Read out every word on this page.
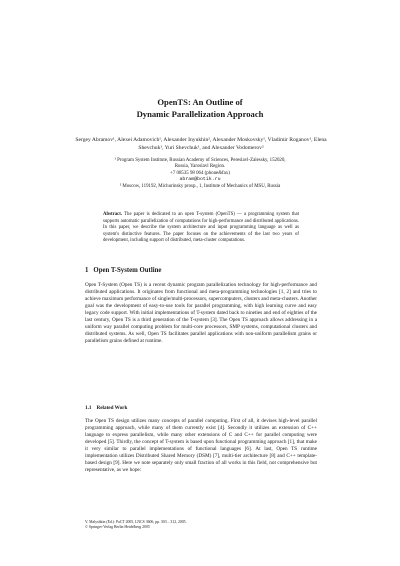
OpenTS: An Outline of
Dynamic Parallelization Approach
Sergey Abramov¹, Alexei Adamovich¹, Alexander Inyukhin², Alexander Moskovsky¹, Vladimir Roganov¹, Elena Shevchuk¹, Yuri Shevchuk¹, and Alexander Vodomerov²
¹ Program System Institute, Russian Academy of Sciences, Pereslavl-Zalessky, 152020,
Russia, Yaroslavl Region.
+7 08535 98 064 (phone&fax)
abram@botik.ru
² Moscow, 119192, Michurinsky prosp., 1, Institute of Mechanics of MSU, Russia
Abstract. The paper is dedicated to an open T-system (OpenTS) — a programming system that supports automatic parallelization of computations for high-performance and distributed applications. In this paper, we describe the system architecture and input programming language as well as system's distinctive features. The paper focuses on the achievements of the last two years of development, including support of distributed, meta-cluster computations.
1 Open T-System Outline

Open T-System (Open TS) is a recent dynamic program parallelization technology for high-performance and distributed applications. It originates from functional and meta-programming technologies [1, 2] and tries to achieve maximum performance of single/multi-processors, supercomputers, clusters and meta-clusters. Another goal was the development of easy-to-use tools for parallel programming, with high learning curve and easy legacy code support. With initial implementations of T-system dated back to nineties and end of eighties of the last century, Open TS is a third generation of the T-system [3]. The Open TS approach allows addressing in a uniform way parallel computing problem for multi-core processors, SMP systems, computational clusters and distributed systems. As well, Open TS facilitates parallel applications with non-uniform parallelism grains or parallelism grains defined at runtime.

1.1 Related Work

The Open TS design utilizes many concepts of parallel computing. First of all, it devises high-level parallel programming approach, while many of them currently exist [4]. Secondly it utilizes an extension of C++ language to express parallelism, while many other extensions of C and C++ for parallel computing were developed [5]. Thirdly, the concept of T-system is based upon functional programming approach [1], that make it very similar to parallel implementations of functional languages [6]. At last, Open TS runtime implementation utilizes Distributed Shared Memory (DSM) [7], multi-tier architecture [8] and C++ template- based design [9]. Here we note separately only small fraction of all works in this field, not comprehensive but representative, as we hope:

V. Malyshkin (Ed.): PaCT 2005, LNCS 3606, pp. 303 – 312, 2005.
© Springer-Verlag Berlin Heidelberg 2005
